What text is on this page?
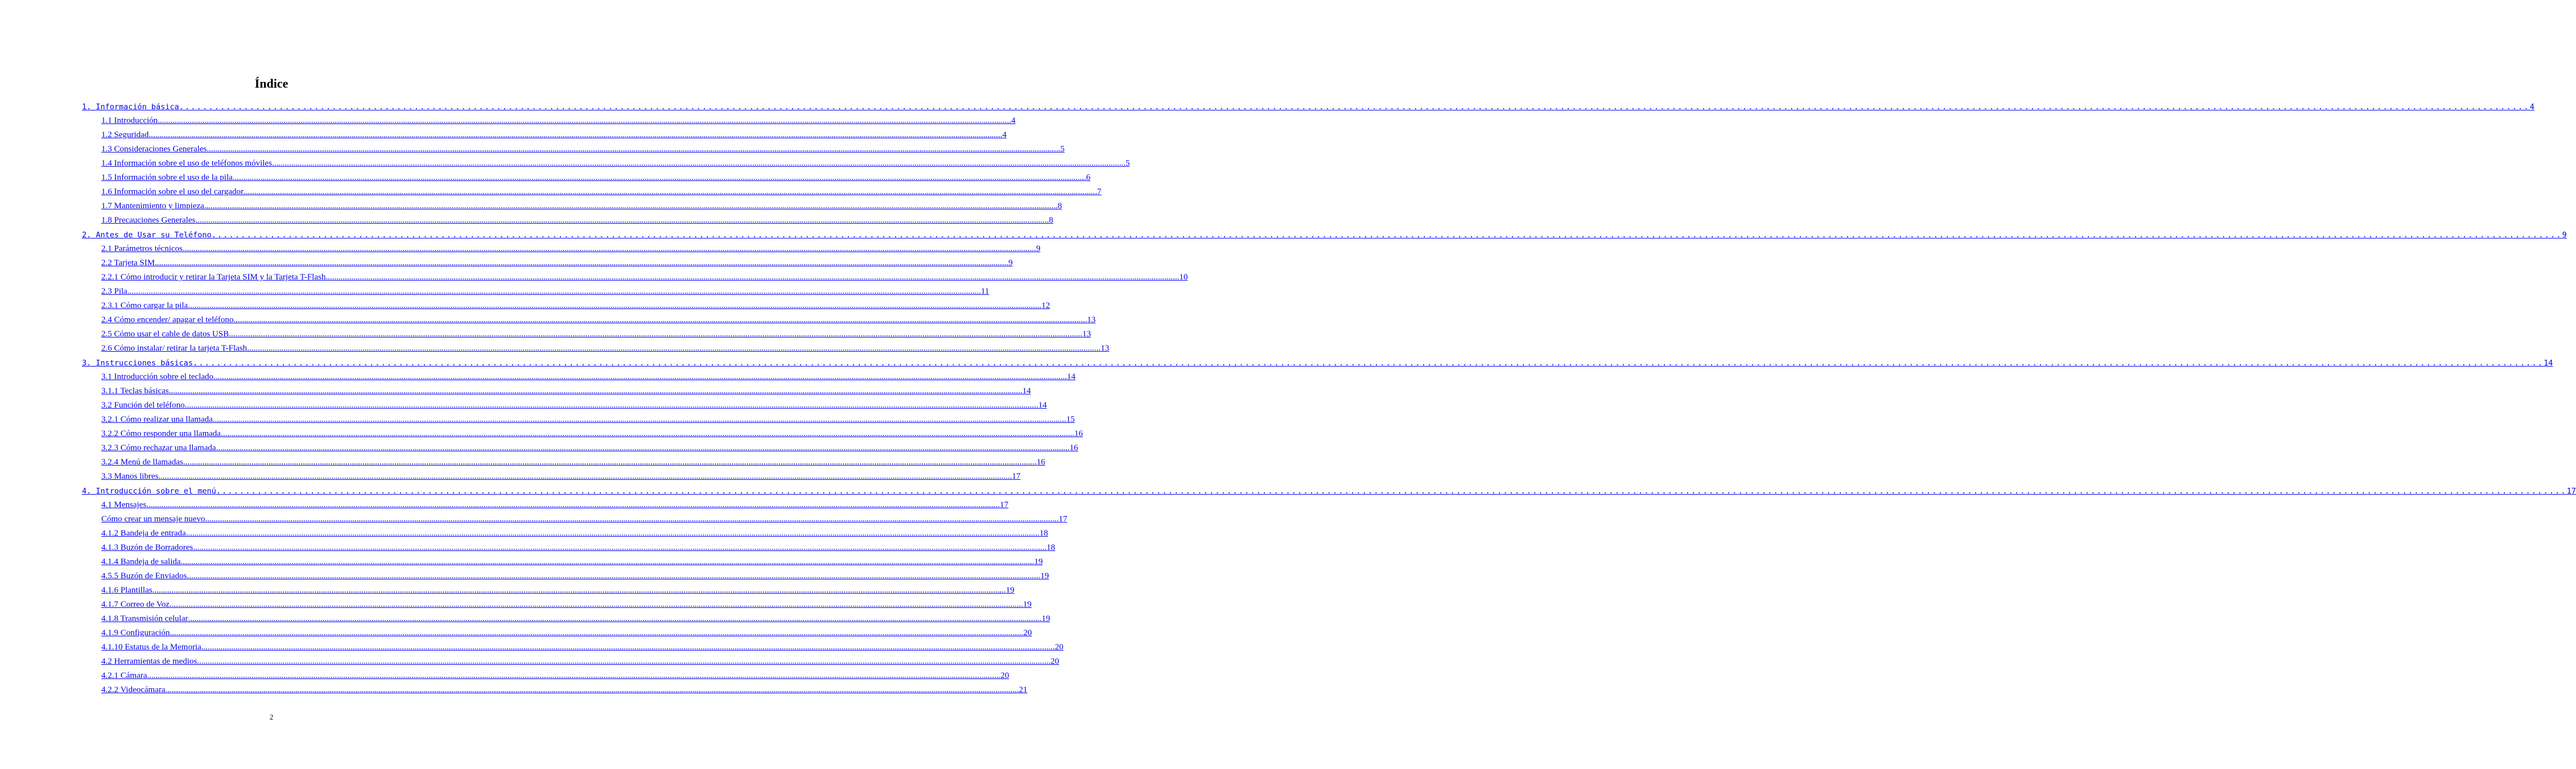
Índice
1. Información básica ................................................................................................................................................................................................................................................................................................................................................................................................................ 4
1.1 Introducción ................................................................................................................................................................................................................................................................................................................................................................................................................ 4
1.2 Seguridad ................................................................................................................................................................................................................................................................................................................................................................................................................ 4
1.3 Consideraciones Generales ................................................................................................................................................................................................................................................................................................................................................................................................................ 5
1.4 Información sobre el uso de teléfonos móviles ................................................................................................................................................................................................................................................................................................................................................................................................................ 5
1.5 Información sobre el uso de la pila ................................................................................................................................................................................................................................................................................................................................................................................................................ 6
1.6 Información sobre el uso del cargador ................................................................................................................................................................................................................................................................................................................................................................................................................ 7
1.7 Mantenimiento y limpieza ................................................................................................................................................................................................................................................................................................................................................................................................................ 8
1.8 Precauciones Generales ................................................................................................................................................................................................................................................................................................................................................................................................................ 8
2. Antes de Usar su Teléfono ................................................................................................................................................................................................................................................................................................................................................................................................................ 9
2.1 Parámetros técnicos ................................................................................................................................................................................................................................................................................................................................................................................................................ 9
2.2 Tarjeta SIM ................................................................................................................................................................................................................................................................................................................................................................................................................ 9
2.2.1 Cómo introducir y retirar la Tarjeta SIM y la Tarjeta T-Flash ................................................................................................................................................................................................................................................................................................................................................................................................................ 10
2.3 Pila ................................................................................................................................................................................................................................................................................................................................................................................................................ 11
2.3.1 Cómo cargar la pila ................................................................................................................................................................................................................................................................................................................................................................................................................ 12
2.4 Cómo encender/ apagar el teléfono ................................................................................................................................................................................................................................................................................................................................................................................................................ 13
2.5 Cómo usar el cable de datos USB ................................................................................................................................................................................................................................................................................................................................................................................................................ 13
2.6 Cómo instalar/ retirar la tarjeta T-Flash ................................................................................................................................................................................................................................................................................................................................................................................................................ 13
3. Instrucciones básicas ................................................................................................................................................................................................................................................................................................................................................................................................................ 14
3.1 Introducción sobre el teclado ................................................................................................................................................................................................................................................................................................................................................................................................................ 14
3.1.1 Teclas básicas ................................................................................................................................................................................................................................................................................................................................................................................................................ 14
3.2 Función del teléfono ................................................................................................................................................................................................................................................................................................................................................................................................................ 14
3.2.1 Cómo realizar una llamada ................................................................................................................................................................................................................................................................................................................................................................................................................ 15
3.2.2 Cómo responder una llamada ................................................................................................................................................................................................................................................................................................................................................................................................................ 16
3.2.3 Cómo rechazar una llamada ................................................................................................................................................................................................................................................................................................................................................................................................................ 16
3.2.4 Menú de llamadas ................................................................................................................................................................................................................................................................................................................................................................................................................ 16
3.3 Manos libres ................................................................................................................................................................................................................................................................................................................................................................................................................ 17
4. Introducción sobre el menú ................................................................................................................................................................................................................................................................................................................................................................................................................ 17
4.1 Mensajes ................................................................................................................................................................................................................................................................................................................................................................................................................ 17
Cómo crear un mensaje nuevo ................................................................................................................................................................................................................................................................................................................................................................................................................ 17
4.1.2 Bandeja de entrada ................................................................................................................................................................................................................................................................................................................................................................................................................ 18
4.1.3 Buzón de Borradores ................................................................................................................................................................................................................................................................................................................................................................................................................ 18
4.1.4 Bandeja de salida ................................................................................................................................................................................................................................................................................................................................................................................................................ 19
4.5.5 Buzón de Enviados ................................................................................................................................................................................................................................................................................................................................................................................................................ 19
4.1.6 Plantillas ................................................................................................................................................................................................................................................................................................................................................................................................................ 19
4.1.7 Correo de Voz ................................................................................................................................................................................................................................................................................................................................................................................................................ 19
4.1.8 Transmisión celular ................................................................................................................................................................................................................................................................................................................................................................................................................ 19
4.1.9 Configuración ................................................................................................................................................................................................................................................................................................................................................................................................................ 20
4.1.10 Estatus de la Memoria ................................................................................................................................................................................................................................................................................................................................................................................................................ 20
4.2 Herramientas de medios ................................................................................................................................................................................................................................................................................................................................................................................................................ 20
4.2.1 Cámara ................................................................................................................................................................................................................................................................................................................................................................................................................ 20
4.2.2 Videocámara ................................................................................................................................................................................................................................................................................................................................................................................................................ 21
2
